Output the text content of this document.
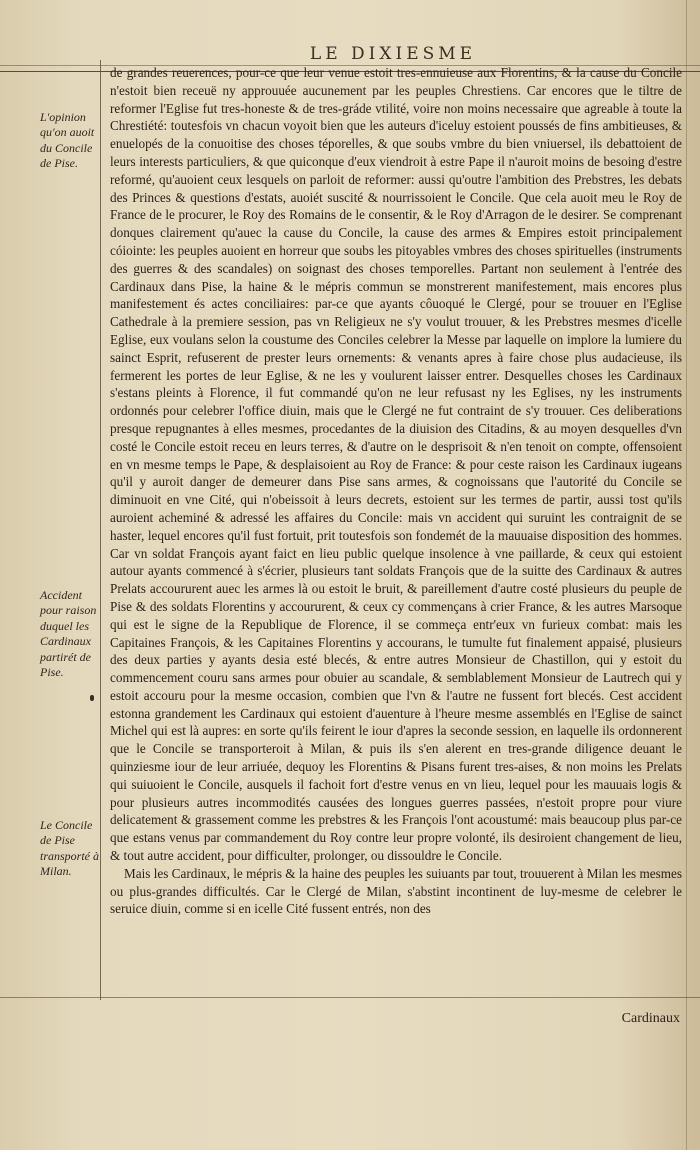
LE DIXIESME
L'opinion qu'on auoit du Concile de Pise.
Accident pour raison duquel les Cardinaux partirét de Pise.
Le Concile de Pise transporté à Milan.

de grandes reuerences, pour-ce que leur venue estoit tres-ennuieuse aux Florentins, & la cause du Concile n'estoit bien receuë ny approuuée aucunement par les peuples Chrestiens. Car encores que le tiltre de reformer l'Eglise fut tres-honeste & de tres-gráde vtilité, voire non moins necessaire que agreable à toute la Chrestiété: toutesfois vn chacun voyoit bien que les auteurs d'iceluy estoient poussés de fins ambitieuses, & enuelopés de la conuoitise des choses téporelles, & que soubs vmbre du bien vniuersel, ils debattoient de leurs interests particuliers, & que quiconque d'eux viendroit à estre Pape il n'auroit moins de besoing d'estre reformé, qu'auoient ceux lesquels on parloit de reformer: aussi qu'outre l'ambition des Prebstres, les debats des Princes & questions d'estats, auoiét suscité & nourrissoient le Concile. Que cela auoit meu le Roy de France de le procurer, le Roy des Romains de le consentir, & le Roy d'Arragon de le desirer. Se comprenant donques clairement qu'auec la cause du Concile, la cause des armes & Empires estoit principalement cóiointe: les peuples auoient en horreur que soubs les pitoyables vmbres des choses spirituelles (instruments des guerres & des scandales) on soignast des choses temporelles. Partant non seulement à l'entrée des Cardinaux dans Pise, la haine & le mépris commun se monstrerent manifestement, mais encores plus manifestement és actes conciliaires: par-ce que ayants côuoqué le Clergé, pour se trouuer en l'Eglise Cathedrale à la premiere session, pas vn Religieux ne s'y voulut trouuer, & les Prebstres mesmes d'icelle Eglise, eux voulans selon la coustume des Conciles celebrer la Messe par laquelle on implore la lumiere du sainct Esprit, refuserent de prester leurs ornements: & venants apres à faire chose plus audacieuse, ils fermerent les portes de leur Eglise, & ne les y voulurent laisser entrer. Desquelles choses les Cardinaux s'estans pleints à Florence, il fut commandé qu'on ne leur refusast ny les Eglises, ny les instruments ordonnés pour celebrer l'office diuin, mais que le Clergé ne fut contraint de s'y trouuer. Ces deliberations presque repugnantes à elles mesmes, procedantes de la diuision des Citadins, & au moyen desquelles d'vn costé le Concile estoit receu en leurs terres, & d'autre on le desprisoit & n'en tenoit on compte, offensoient en vn mesme temps le Pape, & desplaisoient au Roy de France: & pour ceste raison les Cardinaux iugeans qu'il y auroit danger de demeurer dans Pise sans armes, & cognoissans que l'autorité du Concile se diminuoit en vne Cité, qui n'obeissoit à leurs decrets, estoient sur les termes de partir, aussi tost qu'ils auroient acheminé & adressé les affaires du Concile: mais vn accident qui suruint les contraignit de se haster, lequel encores qu'il fust fortuit, prit toutesfois son fondemét de la mauuaise disposition des hommes. Car vn soldat François ayant faict en lieu public quelque insolence à vne paillarde, & ceux qui estoient autour ayants commencé à s'écrier, plusieurs tant soldats François que de la suitte des Cardinaux & autres Prelats accoururent auec les armes là ou estoit le bruit, & pareillement d'autre costé plusieurs du peuple de Pise & des soldats Florentins y accoururent, & ceux cy commençans à crier France, & les autres Marsoque qui est le signe de la Republique de Florence, il se commeça entr'eux vn furieux combat: mais les Capitaines François, & les Capitaines Florentins y accourans, le tumulte fut finalement appaisé, plusieurs des deux parties y ayants desia esté blecés, & entre autres Monsieur de Chastillon, qui y estoit du commencement couru sans armes pour obuier au scandale, & semblablement Monsieur de Lautrech qui y estoit accouru pour la mesme occasion, combien que l'vn & l'autre ne fussent fort blecés. Cest accident estonna grandement les Cardinaux qui estoient d'auenture à l'heure mesme assemblés en l'Eglise de sainct Michel qui est là aupres: en sorte qu'ils feirent le iour d'apres la seconde session, en laquelle ils ordonnerent que le Concile se transporteroit à Milan, & puis ils s'en alerent en tres-grande diligence deuant le quinziesme iour de leur arriuée, dequoy les Florentins & Pisans furent tres-aises, & non moins les Prelats qui suiuoient le Concile, ausquels il fachoit fort d'estre venus en vn lieu, lequel pour les mauuais logis & pour plusieurs autres incommodités causées des longues guerres passées, n'estoit propre pour viure delicatement & grassement comme les prebstres & les François l'ont acoustumé: mais beaucoup plus par-ce que estans venus par commandement du Roy contre leur propre volonté, ils desiroient changement de lieu, & tout autre accident, pour difficulter, prolonger, ou dissouldre le Concile.

Mais les Cardinaux, le mépris & la haine des peuples les suiuants par tout, trouuerent à Milan les mesmes ou plus-grandes difficultés. Car le Clergé de Milan, s'abstint incontinent de luy-mesme de celebrer le seruice diuin, comme si en icelle Cité fussent entrés, non des

Cardinaux
